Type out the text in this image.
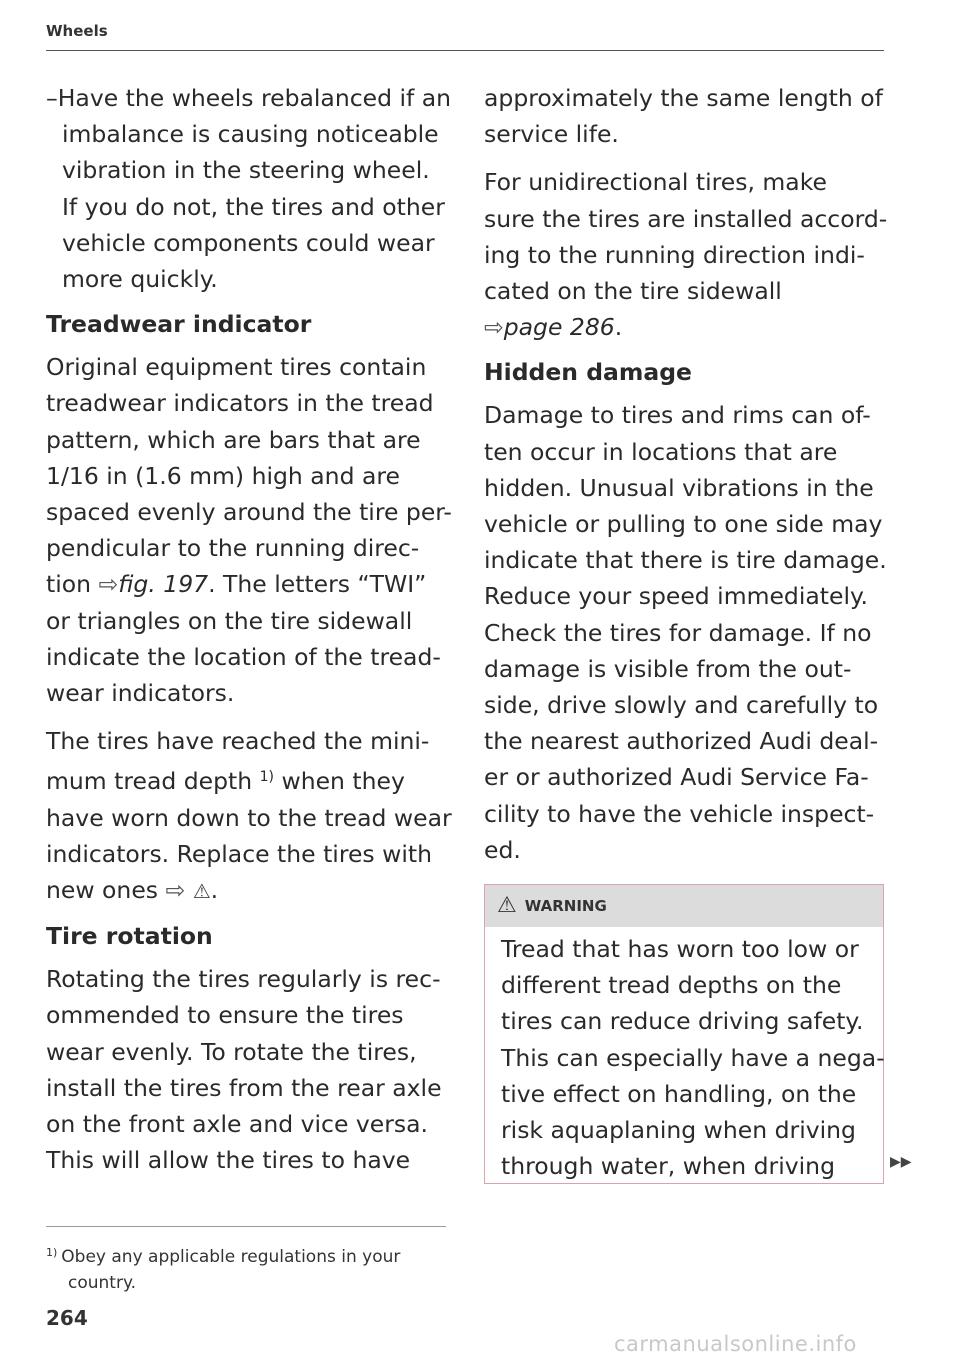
Wheels

–Have the wheels rebalanced if an
imbalance is causing noticeable
vibration in the steering wheel.
If you do not, the tires and other
vehicle components could wear
more quickly.

Treadwear indicator

Original equipment tires contain
treadwear indicators in the tread
pattern, which are bars that are
1/16 in (1.6 mm) high and are
spaced evenly around the tire per-
pendicular to the running direc-
tion ⇨fig. 197. The letters “TWI”
or triangles on the tire sidewall
indicate the location of the tread-
wear indicators.

The tires have reached the mini-
mum tread depth $^{1)}$ when they
have worn down to the tread wear
indicators. Replace the tires with
new ones ⇨ ⚠.

Tire rotation

Rotating the tires regularly is rec-
ommended to ensure the tires
wear evenly. To rotate the tires,
install the tires from the rear axle
on the front axle and vice versa.
This will allow the tires to have

approximately the same length of
service life.

For unidirectional tires, make
sure the tires are installed accord-
ing to the running direction indi-
cated on the tire sidewall
⇨page 286.

Hidden damage

Damage to tires and rims can of-
ten occur in locations that are
hidden. Unusual vibrations in the
vehicle or pulling to one side may
indicate that there is tire damage.
Reduce your speed immediately.
Check the tires for damage. If no
damage is visible from the out-
side, drive slowly and carefully to
the nearest authorized Audi deal-
er or authorized Audi Service Fa-
cility to have the vehicle inspect-
ed.

⚠ WARNING
Tread that has worn too low or
different tread depths on the
tires can reduce driving safety.
This can especially have a nega-
tive effect on handling, on the
risk aquaplaning when driving
through water, when driving	▶▶
$^{1)}$ Obey any applicable regulations in your
country.
264
carmanualsonline.info
